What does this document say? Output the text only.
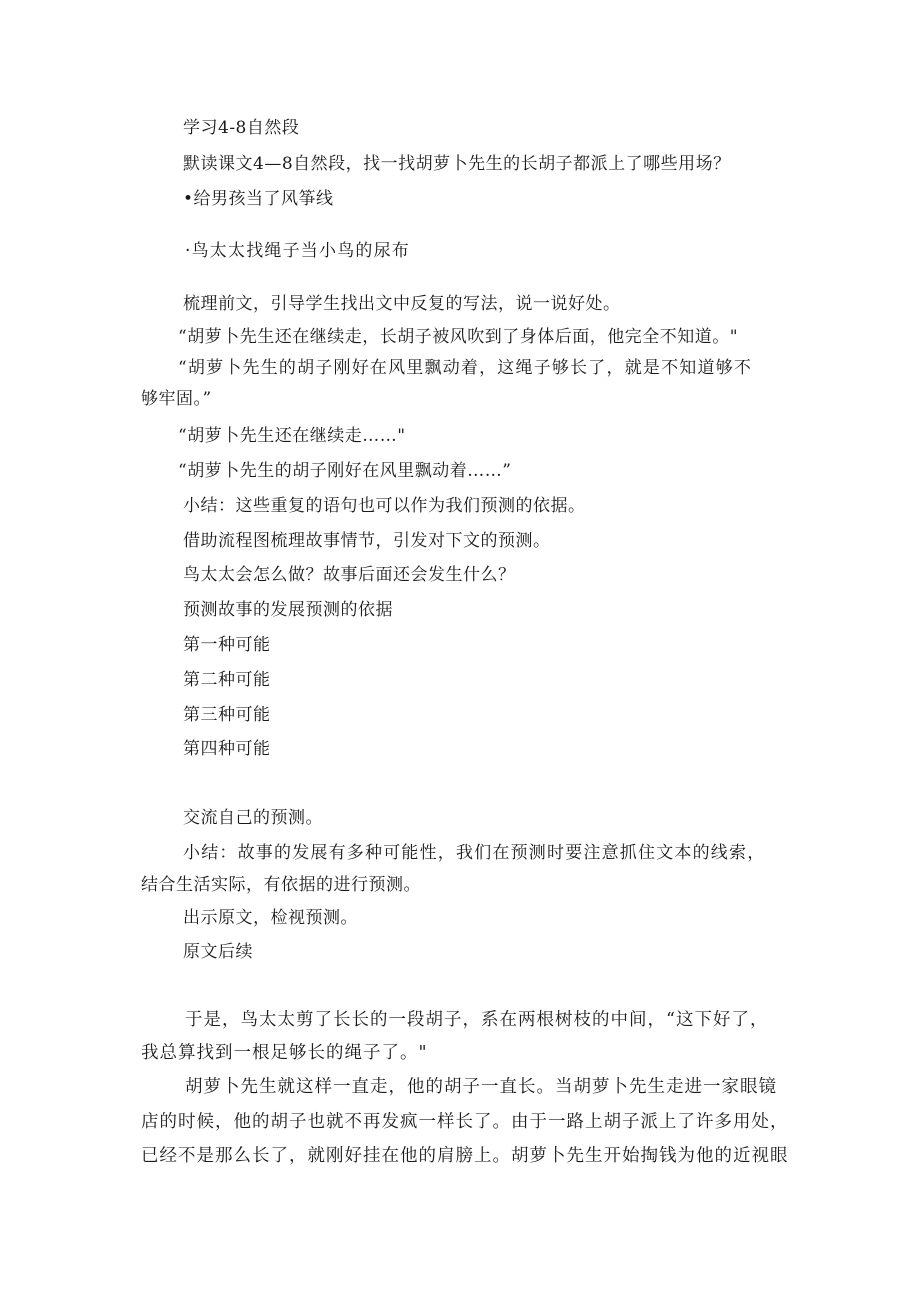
学习4-8自然段

默读课文4—8自然段，找一找胡萝卜先生的长胡子都派上了哪些用场？

•给男孩当了风筝线

·鸟太太找绳子当小鸟的尿布

梳理前文，引导学生找出文中反复的写法，说一说好处。

“胡萝卜先生还在继续走，长胡子被风吹到了身体后面，他完全不知道。"

“胡萝卜先生的胡子刚好在风里飘动着，这绳子够长了，就是不知道够不

够牢固。”

“胡萝卜先生还在继续走……"

“胡萝卜先生的胡子刚好在风里飘动着……”

小结：这些重复的语句也可以作为我们预测的依据。

借助流程图梳理故事情节，引发对下文的预测。

鸟太太会怎么做？故事后面还会发生什么？

预测故事的发展预测的依据

第一种可能

第二种可能

第三种可能

第四种可能

交流自己的预测。

小结：故事的发展有多种可能性，我们在预测时要注意抓住文本的线索，

结合生活实际，有依据的进行预测。

出示原文，检视预测。

原文后续

于是，鸟太太剪了长长的一段胡子，系在两根树枝的中间，“这下好了，

我总算找到一根足够长的绳子了。"

胡萝卜先生就这样一直走，他的胡子一直长。当胡萝卜先生走进一家眼镜

店的时候，他的胡子也就不再发疯一样长了。由于一路上胡子派上了许多用处，

已经不是那么长了，就刚好挂在他的肩膀上。胡萝卜先生开始掏钱为他的近视眼
